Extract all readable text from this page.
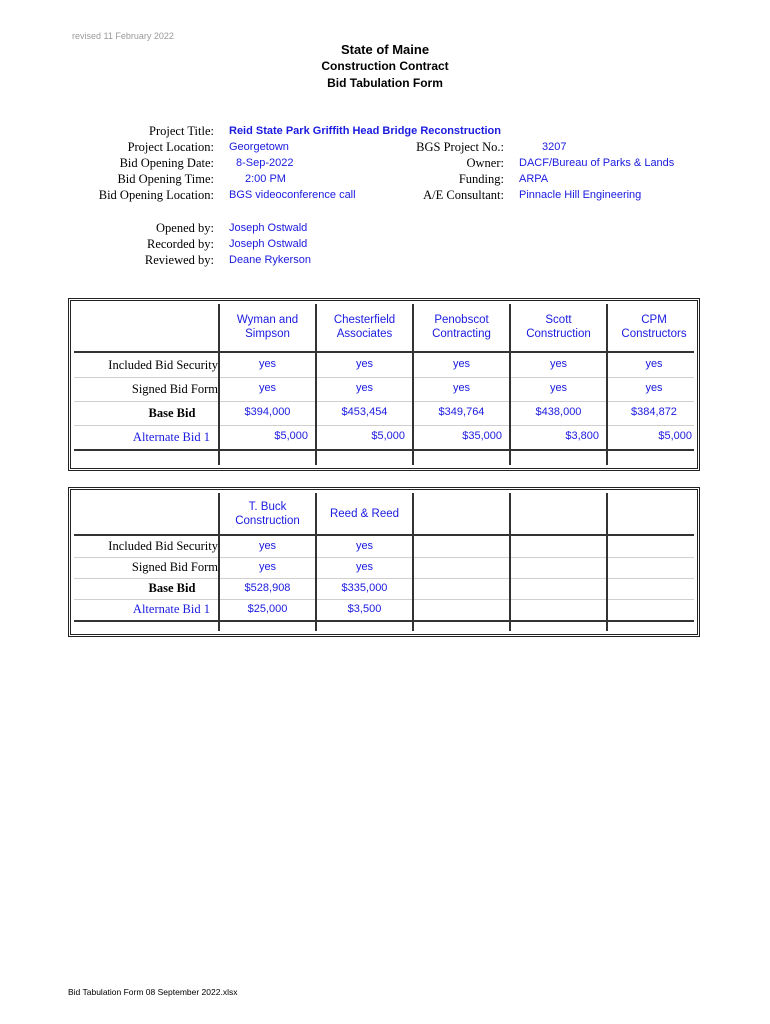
revised 11 February 2022
State of Maine
Construction Contract
Bid Tabulation Form
Project Title: Reid State Park Griffith Head Bridge Reconstruction
Project Location: Georgetown
Bid Opening Date: 8-Sep-2022
Bid Opening Time:	2:00 PM
Bid Opening Location: BGS videoconference call
BGS Project No.:	3207
Owner: DACF/Bureau of Parks & Lands
Funding: ARPA
A/E Consultant: Pinnacle Hill Engineering
Opened by: Joseph Ostwald
Recorded by: Joseph Ostwald
Reviewed by: Deane Rykerson
Included Bid Security
Signed Bid Form
Base Bid
Alternate Bid 1
Wyman and
Simpson
yes
yes
$394,000
$5,000
Chesterfield
Associates
yes
yes
$453,454
$5,000
Penobscot
Contracting
yes
yes
$349,764
$35,000
Scott
Construction
yes
yes
$438,000
$3,800
CPM
Constructors
yes
yes
$384,872
$5,000
Included Bid Security
Signed Bid Form
Base Bid
Alternate Bid 1
T. Buck
Construction
yes
yes
$528,908
$25,000
Reed & Reed
yes
yes
$335,000
$3,500
Bid Tabulation Form 08 September 2022.xlsx
